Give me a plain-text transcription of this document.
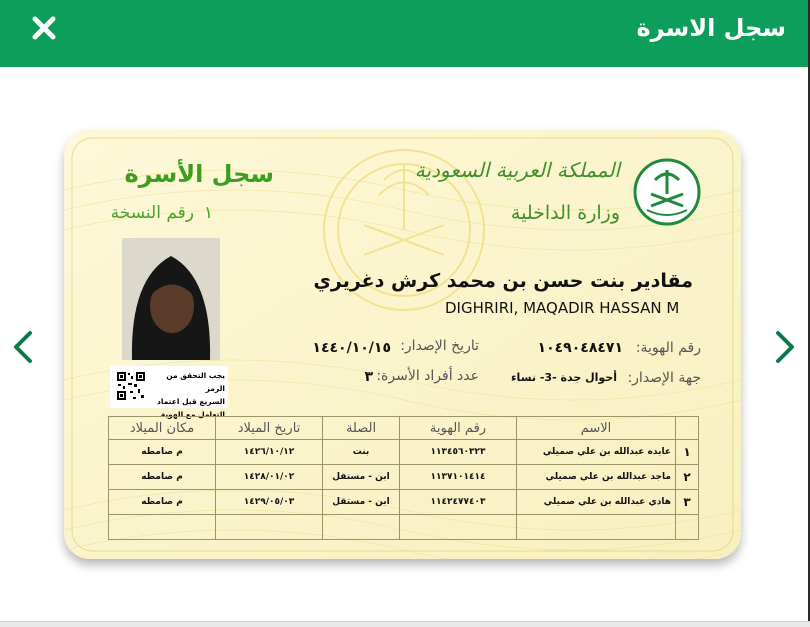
سجل الاسرة
سجل الأسرة
رقم النسخة ١
المملكة العربية السعودية
وزارة الداخلية
يجب التحقق من الرمز
السريع قبل اعتماد
التعامل مع الهوية
مقادير بنت حسن بن محمد كرش دغريري
DIGHRIRI, MAQADIR HASSAN M
رقم الهوية:
١٠٤٩٠٤٨٤٧١
تاريخ الإصدار:
١٤٤٠/١٠/١٥
جهة الإصدار:
أحوال جدة -3- نساء
عدد أفراد الأسرة:
٣
	الاسم	رقم الهوية	الصلة	تاريخ الميلاد	مكان الميلاد
١	عابده عبدالله بن علي صميلي	١١٣٤٥٦٠٣٢٣	بنت	١٤٢٦/١٠/١٢	م صامطه
٢	ماجد عبدالله بن علي صميلي	١١٣٧١٠١٤١٤	ابن - مستقل	١٤٢٨/٠١/٠٢	م صامطه
٣	هادي عبدالله بن علي صميلي	١١٤٢٤٧٧٤٠٣	ابن - مستقل	١٤٢٩/٠٥/٠٣	م صامطه
